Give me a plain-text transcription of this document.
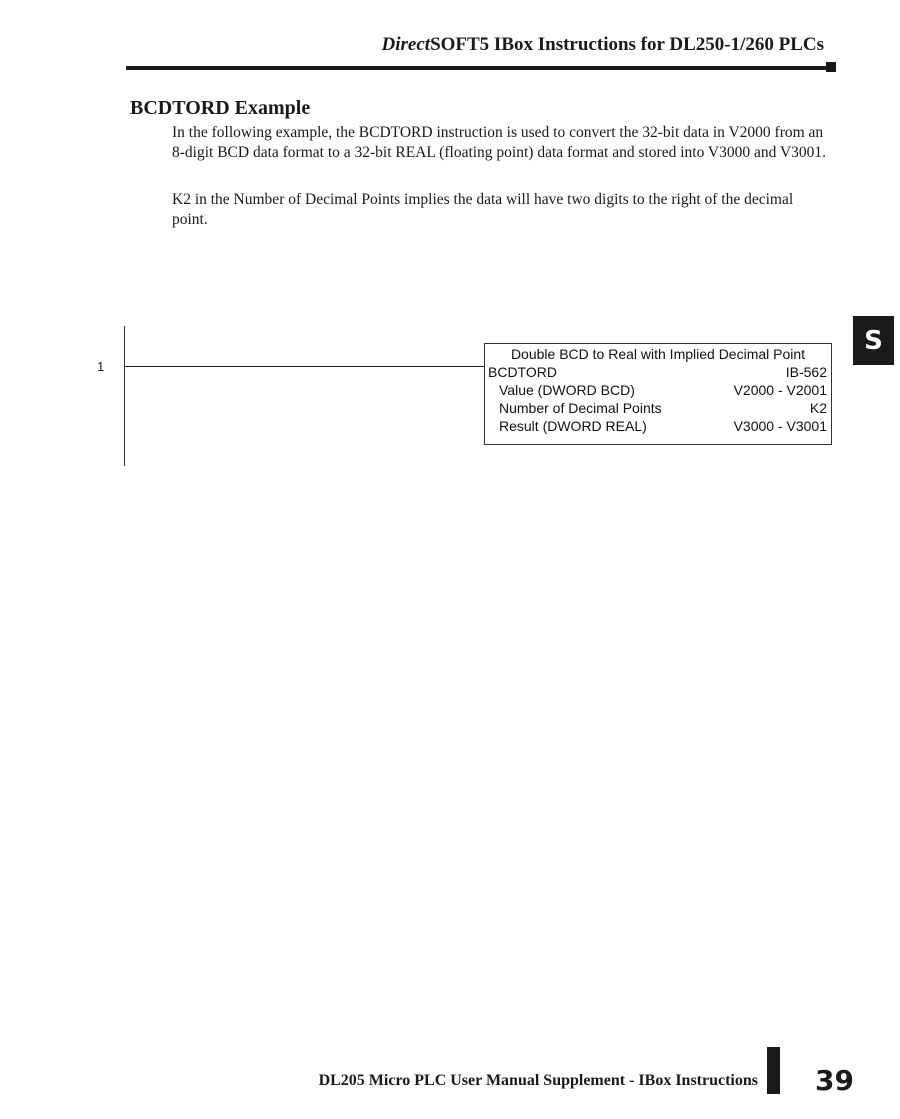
DirectSOFT5 IBox Instructions for DL250-1/260 PLCs
BCDTORD Example

In the following example, the BCDTORD instruction is used to convert the 32-bit data in V2000 from an 8-digit BCD data format to a 32-bit REAL (floating point) data format and stored into V3000 and V3001.

K2 in the Number of Decimal Points implies the data will have two digits to the right of the decimal point.

S
1
Double BCD to Real with Implied Decimal Point
BCDTORD	IB-562
Value (DWORD BCD)	V2000 - V2001
Number of Decimal Points	K2
Result (DWORD REAL)	V3000 - V3001
DL205 Micro PLC User Manual Supplement - IBox Instructions 39
